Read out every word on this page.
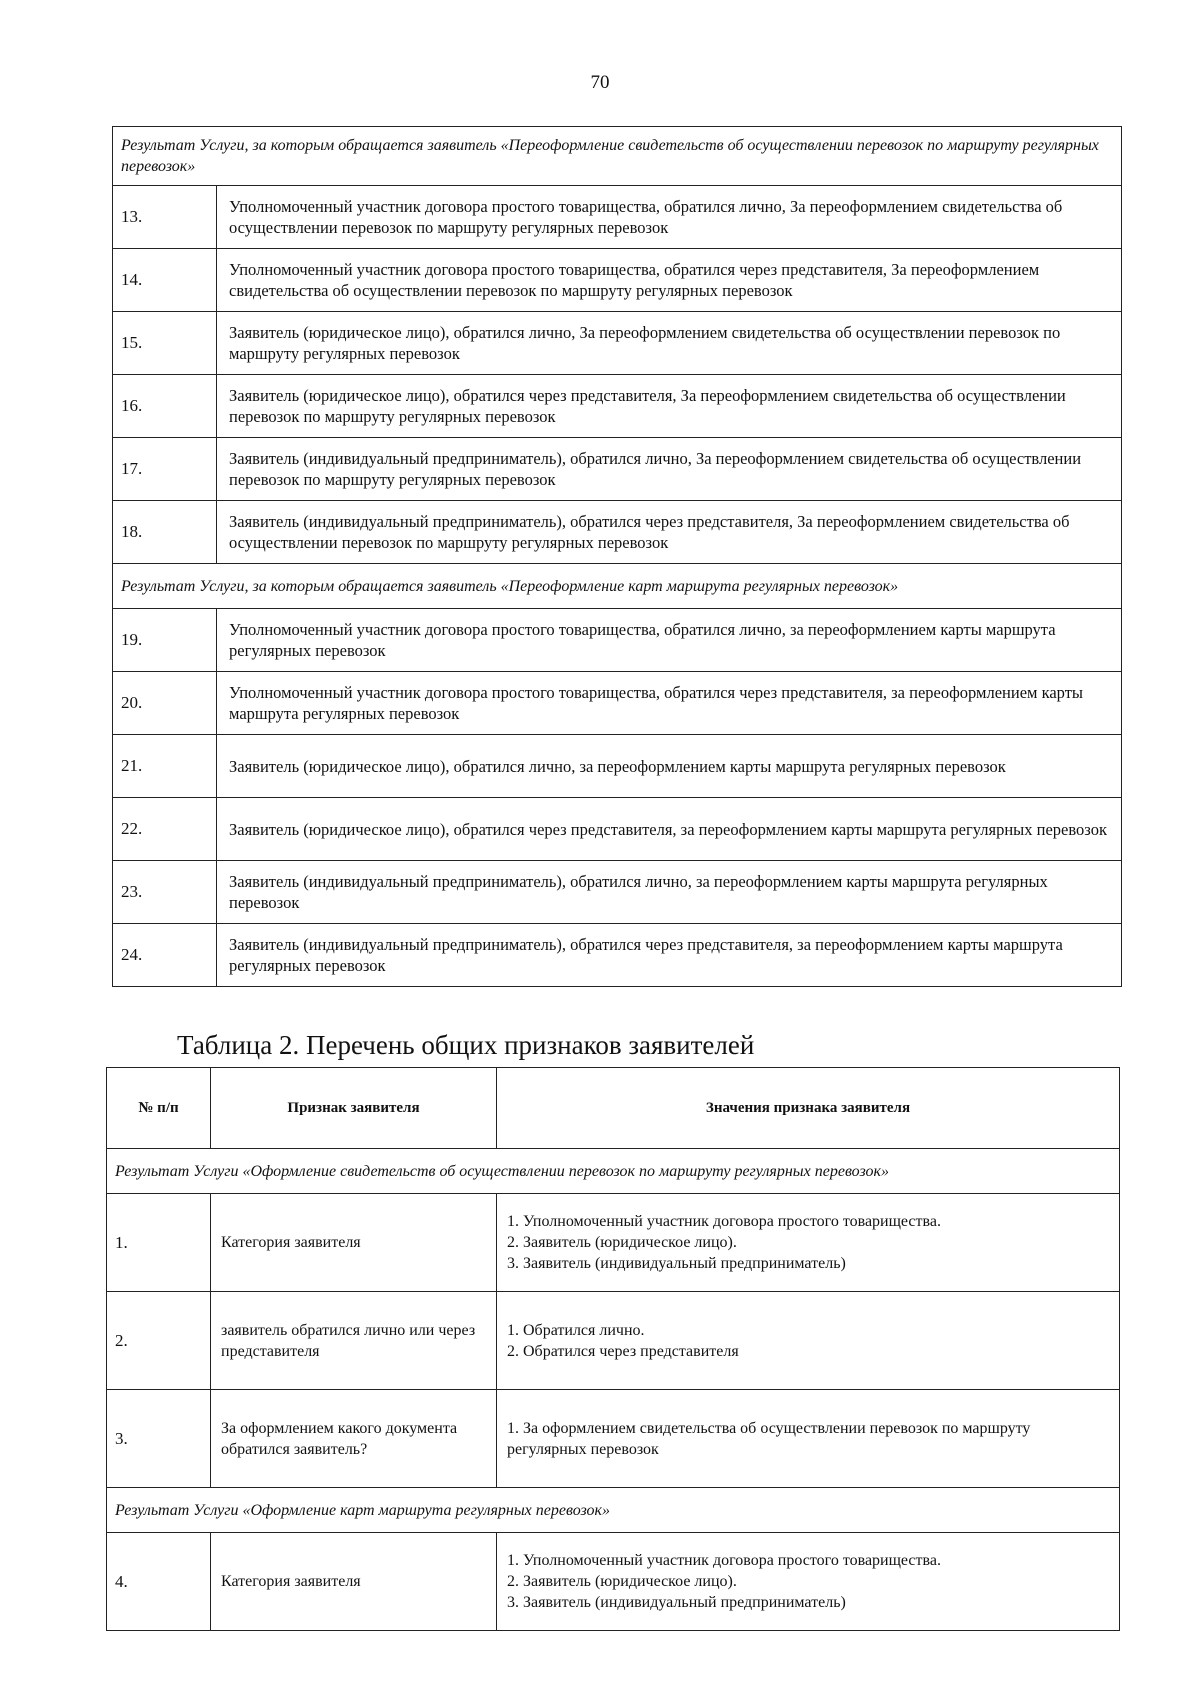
70
Результат Услуги, за которым обращается заявитель «Переоформление свидетельств об осуществлении перевозок по маршруту регулярных перевозок»	
13.	Уполномоченный участник договора простого товарищества, обратился лично, За переоформлением свидетельства об осуществлении перевозок по маршруту регулярных перевозок
14.	Уполномоченный участник договора простого товарищества, обратился через представителя, За переоформлением свидетельства об осуществлении перевозок по маршруту регулярных перевозок
15.	Заявитель (юридическое лицо), обратился лично, За переоформлением свидетельства об осуществлении перевозок по маршруту регулярных перевозок
16.	Заявитель (юридическое лицо), обратился через представителя, За переоформлением свидетельства об осуществлении перевозок по маршруту регулярных перевозок
17.	Заявитель (индивидуальный предприниматель), обратился лично, За переоформлением свидетельства об осуществлении перевозок по маршруту регулярных перевозок
18.	Заявитель (индивидуальный предприниматель), обратился через представителя, За переоформлением свидетельства об осуществлении перевозок по маршруту регулярных перевозок
Результат Услуги, за которым обращается заявитель «Переоформление карт маршрута регулярных перевозок»	
19.	Уполномоченный участник договора простого товарищества, обратился лично, за переоформлением карты маршрута регулярных перевозок
20.	Уполномоченный участник договора простого товарищества, обратился через представителя, за переоформлением карты маршрута регулярных перевозок
21.	Заявитель (юридическое лицо), обратился лично, за переоформлением карты маршрута регулярных перевозок
22.	Заявитель (юридическое лицо), обратился через представителя, за переоформлением карты маршрута регулярных перевозок
23.	Заявитель (индивидуальный предприниматель), обратился лично, за переоформлением карты маршрута регулярных перевозок
24.	Заявитель (индивидуальный предприниматель), обратился через представителя, за переоформлением карты маршрута регулярных перевозок
Таблица 2. Перечень общих признаков заявителей
№ п/п	Признак заявителя	Значения признака заявителя
Результат Услуги «Оформление свидетельств об осуществлении перевозок по маршруту регулярных перевозок»		
1.	Категория заявителя	1. Уполномоченный участник договора простого товарищества.
2. Заявитель (юридическое лицо).
3. Заявитель (индивидуальный предприниматель)

2.	заявитель обратился лично или через представителя	1. Обратился лично.
2. Обратился через представителя

3.	За оформлением какого документа обратился заявитель?	1. За оформлением свидетельства об осуществлении перевозок по маршруту регулярных перевозок
Результат Услуги «Оформление карт маршрута регулярных перевозок»		
4.	Категория заявителя	1. Уполномоченный участник договора простого товарищества.
2. Заявитель (юридическое лицо).
3. Заявитель (индивидуальный предприниматель)
